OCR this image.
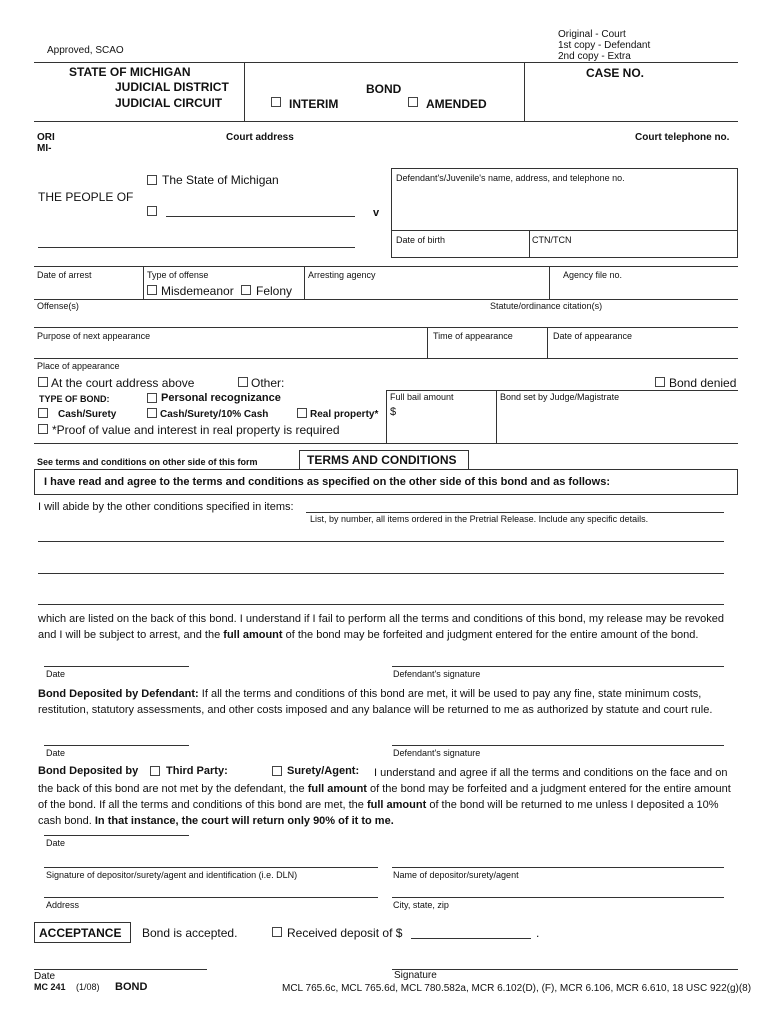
Original - Court
1st copy - Defendant
2nd copy - Extra
Approved, SCAO
STATE OF MICHIGAN
JUDICIAL DISTRICT
JUDICIAL CIRCUIT
BOND
INTERIM	AMENDED
CASE NO.
ORI
MI-
Court address	Court telephone no.
The State of Michigan
THE PEOPLE OF
v
Defendant's/Juvenile's name, address, and telephone no.
Date of birth	CTN/TCN
Date of arrest	Type of offense
Misdemeanor Felony
Arresting agency	Agency file no.
Offense(s)	Statute/ordinance citation(s)
Purpose of next appearance	Time of appearance	Date of appearance
Place of appearance
At the court address above	Other:	Bond denied
Full bail amount
$
Bond set by Judge/Magistrate
TYPE OF BOND:	Personal recognizance
Cash/Surety	Cash/Surety/10% Cash	Real property*
*Proof of value and interest in real property is required
See terms and conditions on other side of this form	TERMS AND CONDITIONS
I have read and agree to the terms and conditions as specified on the other side of this bond and as follows:
I will abide by the other conditions specified in items:
List, by number, all items ordered in the Pretrial Release. Include any specific details.
which are listed on the back of this bond. I understand if I fail to perform all the terms and conditions of this bond, my release may be revoked and I will be subject to arrest, and the full amount of the bond may be forfeited and judgment entered for the entire amount of the bond.
Date	Defendant's signature
Bond Deposited by Defendant: If all the terms and conditions of this bond are met, it will be used to pay any fine, state minimum costs, restitution, statutory assessments, and other costs imposed and any balance will be returned to me as authorized by statute and court rule.
Date	Defendant's signature
Bond Deposited by	Third Party:	Surety/Agent:	I understand and agree if all the terms and conditions on the face and on the back of this bond are not met by the defendant, the full amount of the bond may be forfeited and a judgment entered for the entire amount of the bond. If all the terms and conditions of this bond are met, the full amount of the bond will be returned to me unless I deposited a 10% cash bond. In that instance, the court will return only 90% of it to me.
Date
Signature of depositor/surety/agent and identification (i.e. DLN)	Name of depositor/surety/agent
Address	City, state, zip
ACCEPTANCE Bond is accepted.	Received deposit of $	.
Date	Signature
MC 241 (1/08) BOND	MCL 765.6c, MCL 765.6d, MCL 780.582a, MCR 6.102(D), (F), MCR 6.106, MCR 6.610, 18 USC 922(g)(8)
